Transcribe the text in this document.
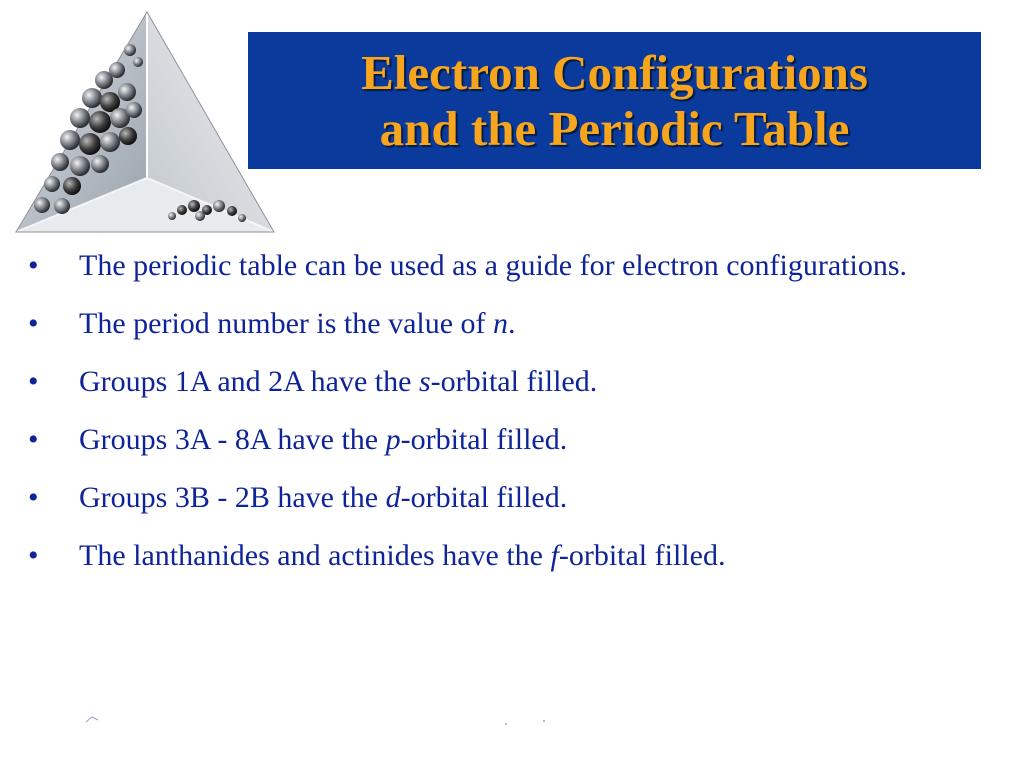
Electron Configurations
and the Periodic Table
• The periodic table can be used as a guide for electron configurations.
• The period number is the value of n.
• Groups 1A and 2A have the s-orbital filled.
• Groups 3A - 8A have the p-orbital filled.
• Groups 3B - 2B have the d-orbital filled.
• The lanthanides and actinides have the f-orbital filled.
